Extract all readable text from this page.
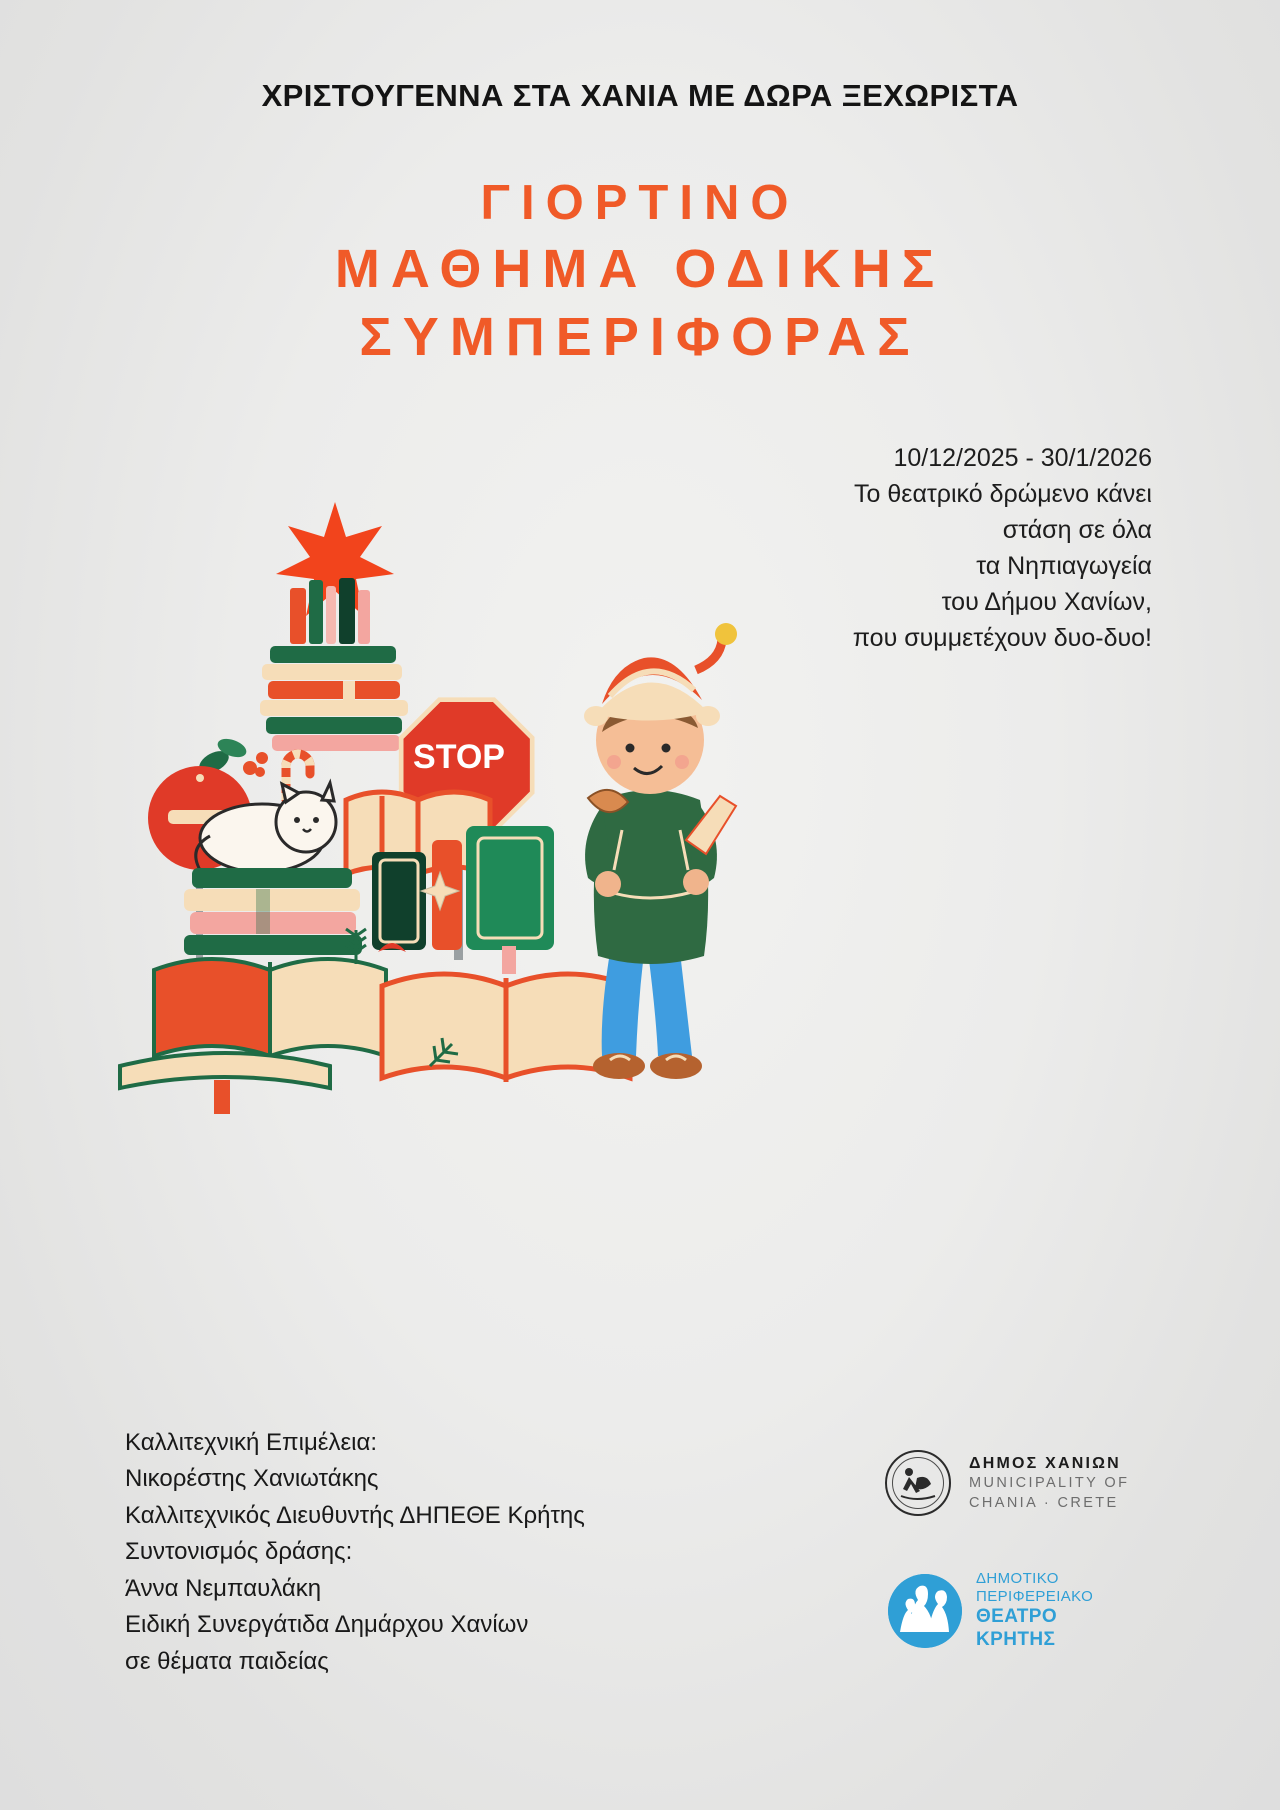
ΧΡΙΣΤΟΥΓΕΝΝΑ ΣΤΑ ΧΑΝΙΑ ΜΕ ΔΩΡΑ ΞΕΧΩΡΙΣΤΑ
ΓΙΟΡΤΙΝΟ
ΜΑΘΗΜΑ ΟΔΙΚΗΣ
ΣΥΜΠΕΡΙΦΟΡΑΣ
10/12/2025 - 30/1/2026
Το θεατρικό δρώμενο κάνει
στάση σε όλα
τα Νηπιαγωγεία
του Δήμου Χανίων,
που συμμετέχουν δυο-δυο!
STOP
Καλλιτεχνική Επιμέλεια:
Νικορέστης Χανιωτάκης
Καλλιτεχνικός Διευθυντής ΔΗΠΕΘΕ Κρήτης
Συντονισμός δράσης:
Άννα Νεμπαυλάκη
Ειδική Συνεργάτιδα Δημάρχου Χανίων
σε θέματα παιδείας
ΔΗΜΟΣ ΧΑΝΙΩΝ
MUNICIPALITY OF
CHANIA · CRETE
ΔΗΜΟΤΙΚΟ
ΠΕΡΙΦΕΡΕΙΑΚΟ
ΘΕΑΤΡΟ
ΚΡΗΤΗΣ
